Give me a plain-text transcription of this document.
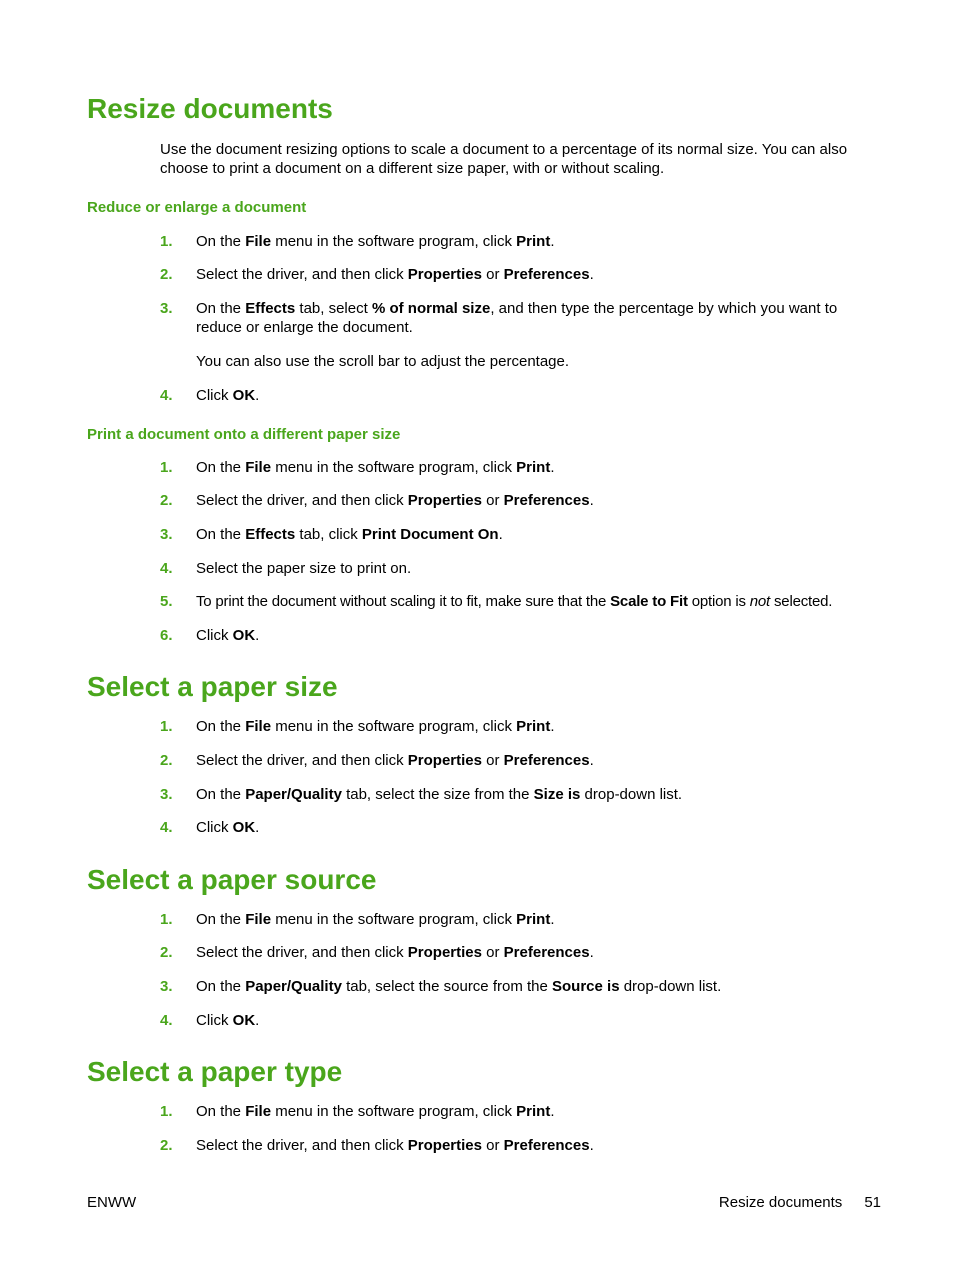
Resize documents

Use the document resizing options to scale a document to a percentage of its normal size. You can also choose to print a document on a different size paper, with or without scaling.

Reduce or enlarge a document
1.	On the File menu in the software program, click Print.
2.	Select the driver, and then click Properties or Preferences.
3.	On the Effects tab, select % of normal size, and then type the percentage by which you want to reduce or enlarge the document.

You can also use the scroll bar to adjust the percentage.

4.	Click OK.
Print a document onto a different paper size
1.	On the File menu in the software program, click Print.
2.	Select the driver, and then click Properties or Preferences.
3.	On the Effects tab, click Print Document On.
4.	Select the paper size to print on.
5.	To print the document without scaling it to fit, make sure that the Scale to Fit option is not selected.
6.	Click OK.
Select a paper size
1.	On the File menu in the software program, click Print.
2.	Select the driver, and then click Properties or Preferences.
3.	On the Paper/Quality tab, select the size from the Size is drop-down list.
4.	Click OK.
Select a paper source
1.	On the File menu in the software program, click Print.
2.	Select the driver, and then click Properties or Preferences.
3.	On the Paper/Quality tab, select the source from the Source is drop-down list.
4.	Click OK.
Select a paper type
1.	On the File menu in the software program, click Print.
2.	Select the driver, and then click Properties or Preferences.
ENWW	Resize documents 51
